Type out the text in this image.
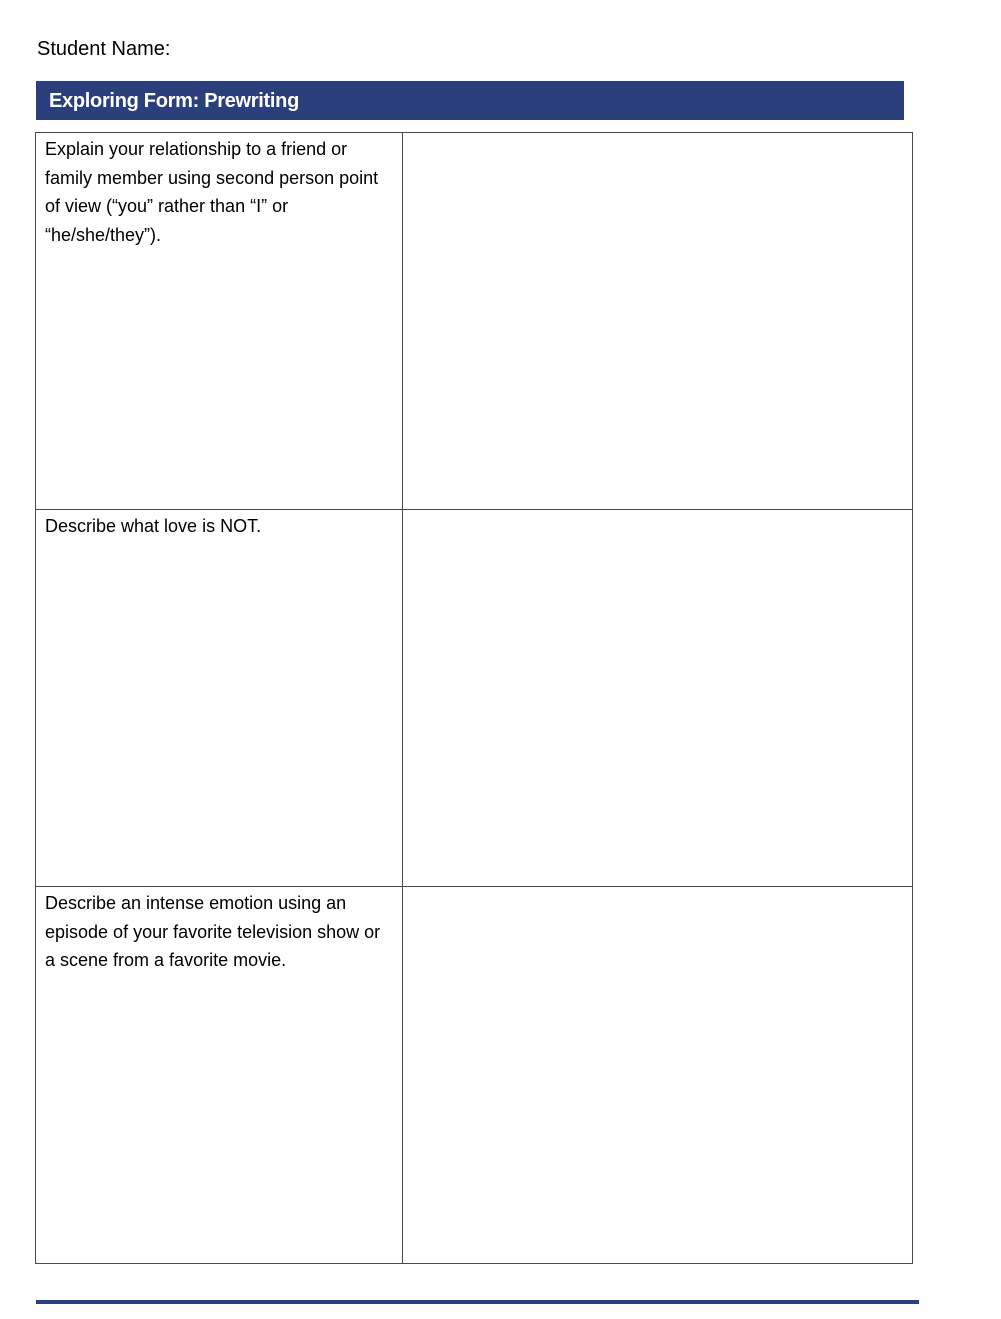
Student Name:
Exploring Form: Prewriting
Explain your relationship to a friend or family member using second person point of view (“you” rather than “I” or “he/she/they”).	

Describe what love is NOT.	

Describe an intense emotion using an episode of your favorite television show or a scene from a favorite movie.	
